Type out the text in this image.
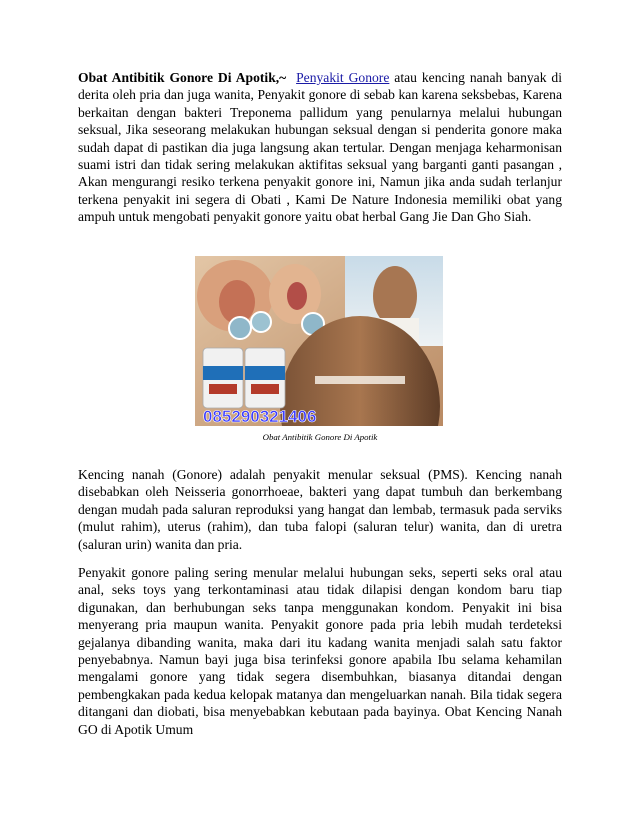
Obat Antibitik Gonore Di Apotik,~ Penyakit Gonore atau kencing nanah banyak di derita oleh pria dan juga wanita, Penyakit gonore di sebab kan karena seksbebas, Karena berkaitan dengan bakteri Treponema pallidum yang penularnya melalui hubungan seksual, Jika seseorang melakukan hubungan seksual dengan si penderita gonore maka sudah dapat di pastikan dia juga langsung akan tertular. Dengan menjaga keharmonisan suami istri dan tidak sering melakukan aktifitas seksual yang barganti ganti pasangan , Akan mengurangi resiko terkena penyakit gonore ini, Namun jika anda sudah terlanjur terkena penyakit ini segera di Obati , Kami De Nature Indonesia memiliki obat yang ampuh untuk mengobati penyakit gonore yaitu obat herbal Gang Jie Dan Gho Siah.

085290321406
Obat Antibitik Gonore Di Apotik

Kencing nanah (Gonore) adalah penyakit menular seksual (PMS). Kencing nanah disebabkan oleh Neisseria gonorrhoeae, bakteri yang dapat tumbuh dan berkembang dengan mudah pada saluran reproduksi yang hangat dan lembab, termasuk pada serviks (mulut rahim), uterus (rahim), dan tuba falopi (saluran telur) wanita, dan di uretra (saluran urin) wanita dan pria.

Penyakit gonore paling sering menular melalui hubungan seks, seperti seks oral atau anal, seks toys yang terkontaminasi atau tidak dilapisi dengan kondom baru tiap digunakan, dan berhubungan seks tanpa menggunakan kondom. Penyakit ini bisa menyerang pria maupun wanita. Penyakit gonore pada pria lebih mudah terdeteksi gejalanya dibanding wanita, maka dari itu kadang wanita menjadi salah satu faktor penyebabnya. Namun bayi juga bisa terinfeksi gonore apabila Ibu selama kehamilan mengalami gonore yang tidak segera disembuhkan, biasanya ditandai dengan pembengkakan pada kedua kelopak matanya dan mengeluarkan nanah. Bila tidak segera ditangani dan diobati, bisa menyebabkan kebutaan pada bayinya. Obat Kencing Nanah GO di Apotik Umum
